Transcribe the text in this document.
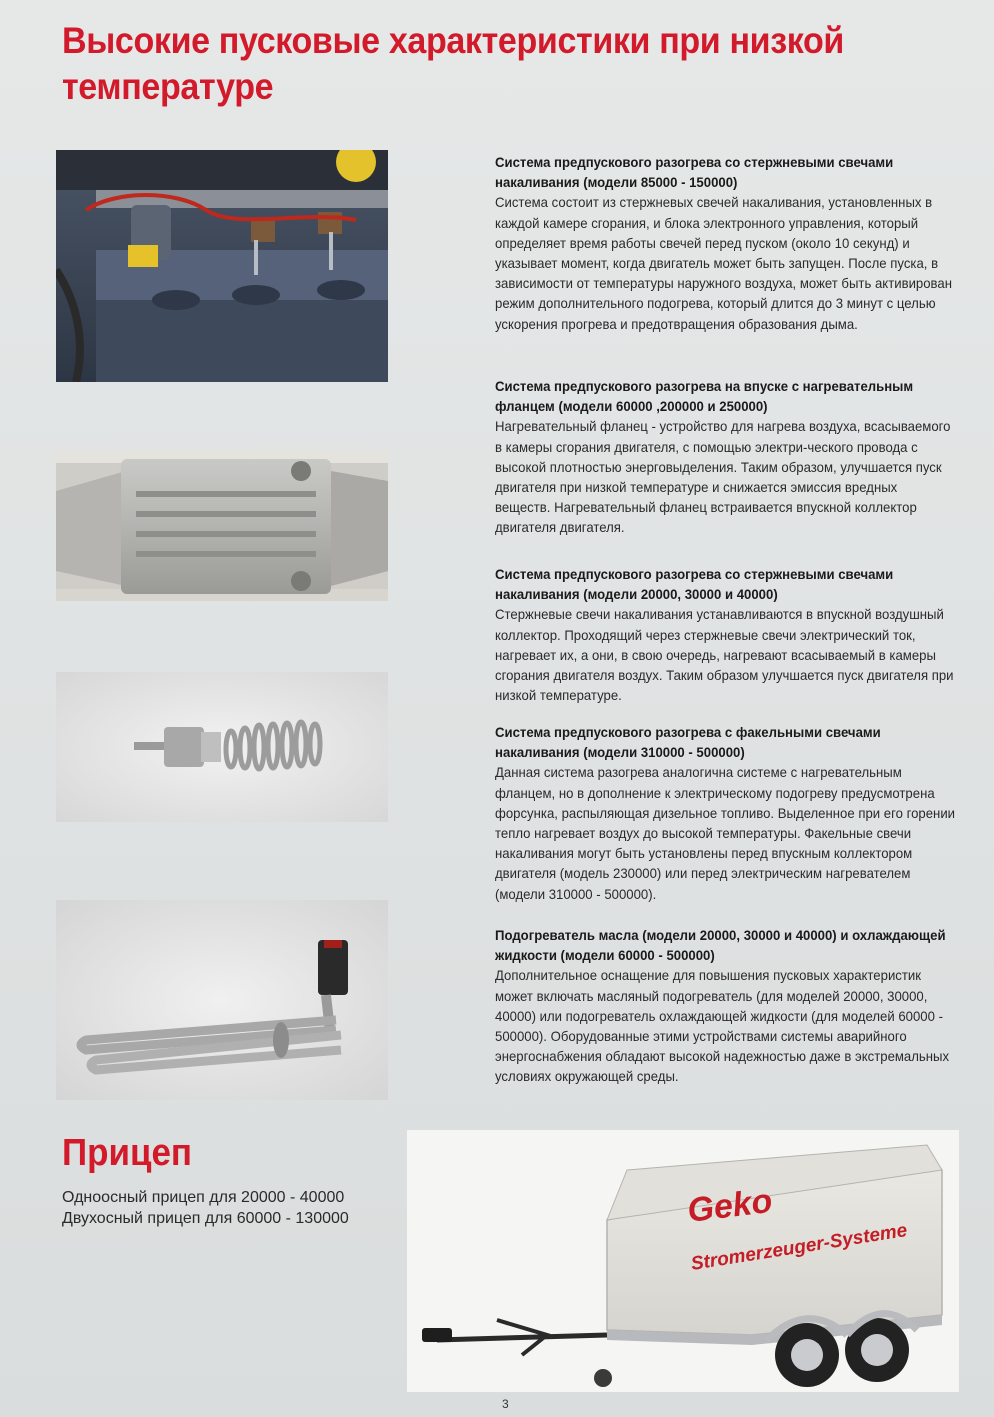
Высокие пусковые характеристики при низкой температуре

Система предпускового разогрева со стержневыми свечами накаливания (модели 85000 - 150000)

Система состоит из стержневых свечей накаливания, установленных в каждой камере сгорания, и блока электронного управления, который определяет время работы свечей перед пуском (около 10 секунд) и указывает момент, когда двигатель может быть запущен. После пуска, в зависимости от температуры наружного воздуха, может быть активирован режим дополнительного подогрева, который длится до 3 минут с целью ускорения прогрева и предотвращения образования дыма.

Система предпускового разогрева на впуске с нагревательным фланцем (модели 60000 ,200000 и 250000)

Нагревательный фланец - устройство для нагрева воздуха, всасываемого в камеры сгорания двигателя, с помощью электри-ческого провода с высокой плотностью энерговыделения. Таким образом, улучшается пуск двигателя при низкой температуре и снижается эмиссия вредных веществ. Нагревательный фланец встраивается впускной коллектор двигателя двигателя.

Система предпускового разогрева со стержневыми свечами накаливания (модели 20000, 30000 и 40000)

Стержневые свечи накаливания устанавливаются в впускной воздушный коллектор. Проходящий через стержневые свечи электрический ток, нагревает их, а они, в свою очередь, нагревают всасываемый в камеры сгорания двигателя воздух. Таким образом улучшается пуск двигателя при низкой температуре.

Система предпускового разогрева с факельными свечами накаливания (модели 310000 - 500000)

Данная система разогрева аналогична системе с нагревательным фланцем, но в дополнение к электрическому подогреву предусмотрена форсунка, распыляющая дизельное топливо. Выделенное при его горении тепло нагревает воздух до высокой температуры. Факельные свечи накаливания могут быть установлены перед впускным коллектором двигателя (модель 230000) или перед электрическим нагревателем (модели 310000 - 500000).

Подогреватель масла (модели 20000, 30000 и 40000) и охлаждающей жидкости (модели 60000 - 500000)

Дополнительное оснащение для повышения пусковых характеристик может включать масляный подогреватель (для моделей 20000, 30000, 40000) или подогреватель охлаждающей жидкости (для моделей 60000 - 500000). Оборудованные этими устройствами системы аварийного энергоснабжения обладают высокой надежностью даже в экстремальных условиях окружающей среды.

Прицеп
Одноосный прицеп для 20000 - 40000
Двухосный прицеп для 60000 - 130000	Geko
Stromerzeuger-Systeme
3
